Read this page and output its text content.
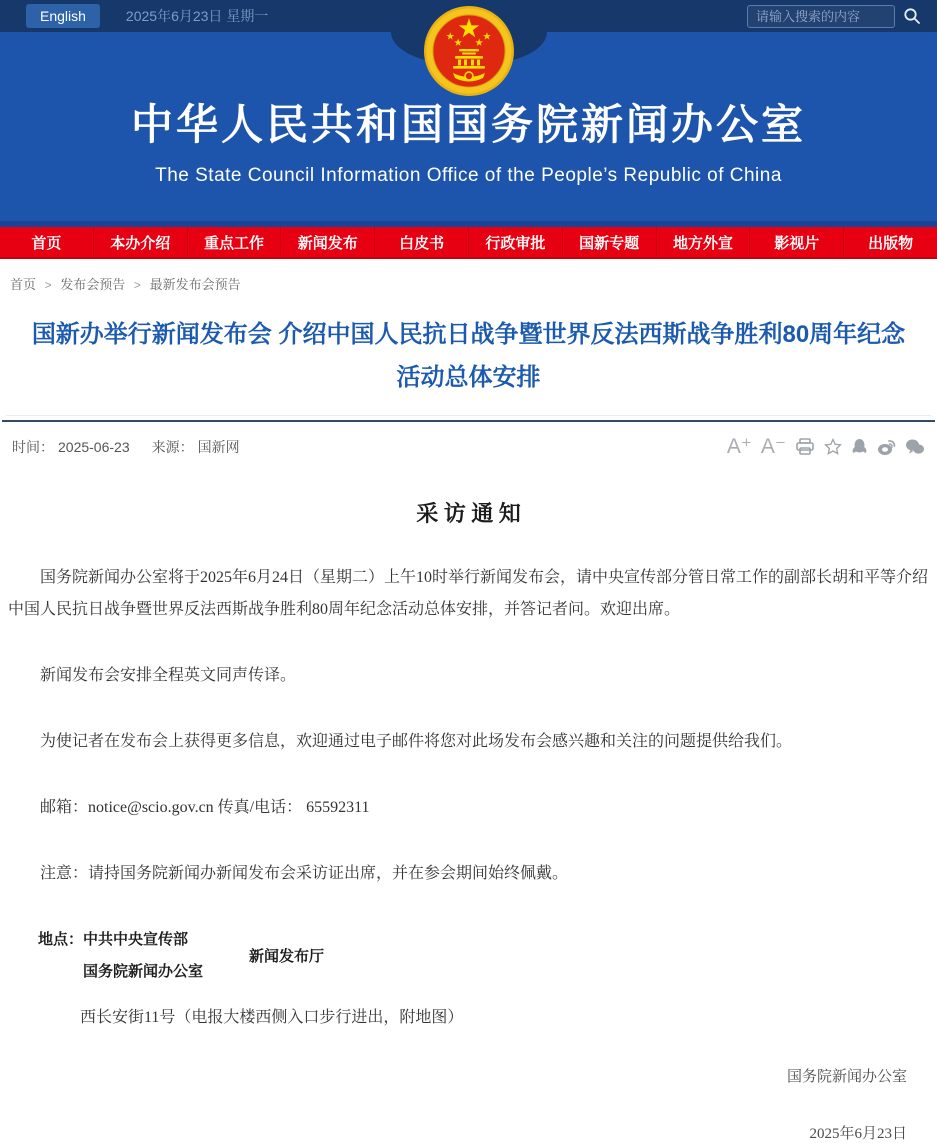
English	2025年6月23日 星期一
请输入搜索的内容
中华人民共和国国务院新闻办公室
The State Council Information Office of the People’s Republic of China
首页	本办介绍	重点工作	新闻发布	白皮书	行政审批	国新专题	地方外宣	影视片	出版物
首页 > 发布会预告 > 最新发布会预告
国新办举行新闻发布会 介绍中国人民抗日战争暨世界反法西斯战争胜利80周年纪念活动总体安排
时间： 2025-06-23 来源： 国新网	A⁺ A⁻
采 访 通 知

国务院新闻办公室将于2025年6月24日（星期二）上午10时举行新闻发布会，请中央宣传部分管日常工作的副部长胡和平等介绍中国人民抗日战争暨世界反法西斯战争胜利80周年纪念活动总体安排，并答记者问。欢迎出席。

新闻发布会安排全程英文同声传译。

为使记者在发布会上获得更多信息，欢迎通过电子邮件将您对此场发布会感兴趣和关注的问题提供给我们。

邮箱：notice@scio.gov.cn 传真/电话： 65592311

注意：请持国务院新闻办新闻发布会采访证出席，并在参会期间始终佩戴。

地点： 中共中央宣传部
国务院新闻办公室
新闻发布厅
西长安街11号（电报大楼西侧入口步行进出，附地图）
国务院新闻办公室
2025年6月23日
